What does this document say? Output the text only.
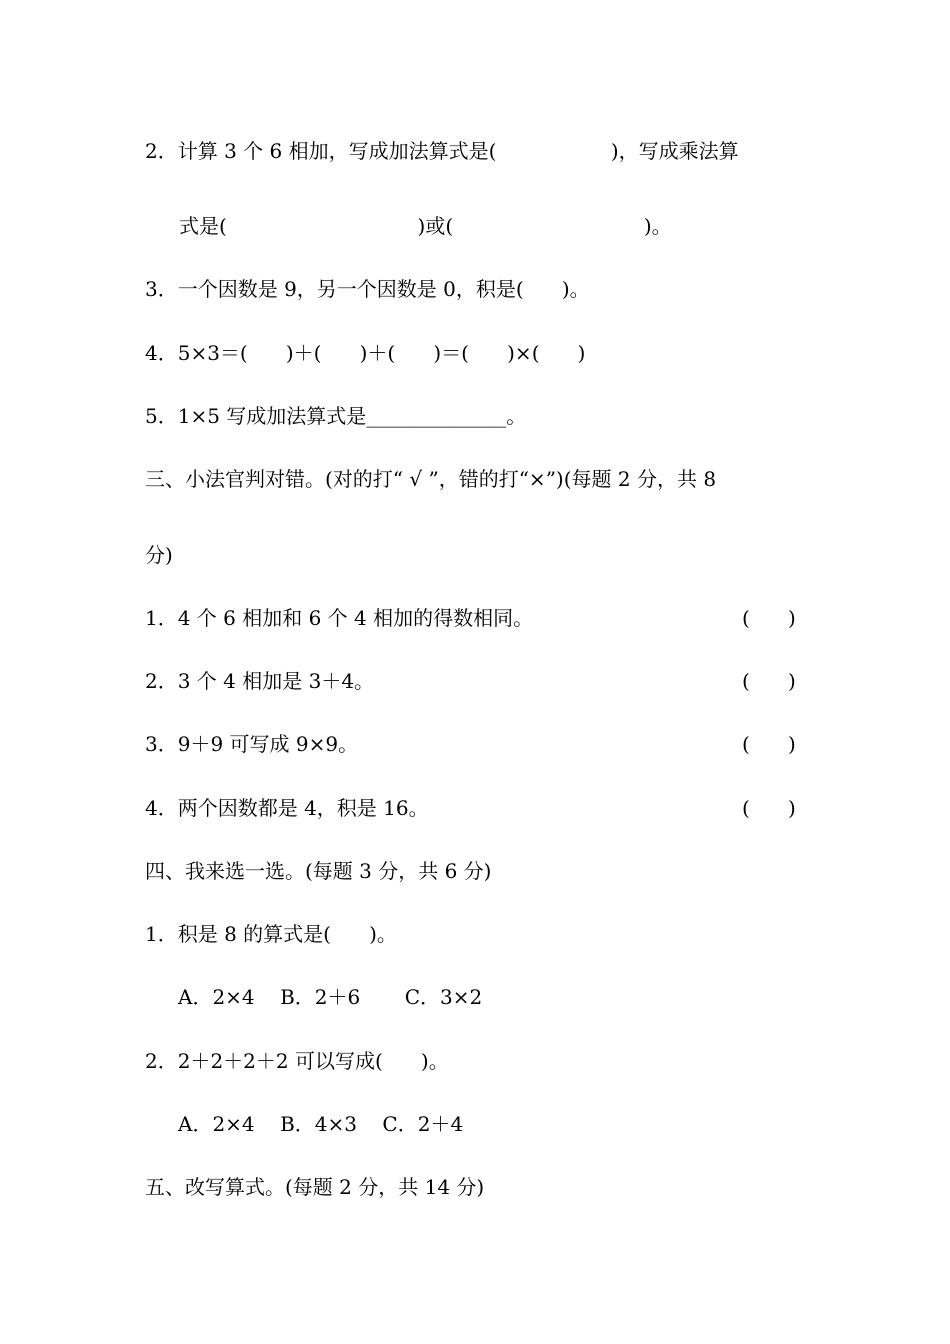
2．计算 3 个 6 相加，写成加法算式是(                  )，写成乘法算
式是(                              )或(                              )。
3．一个因数是 9，另一个因数是 0，积是(      )。
4．5×3＝(      )＋(      )＋(      )＝(      )×(      )
5．1×5 写成加法算式是______________。
三、小法官判对错。(对的打“ √ ”，错的打“×”)(每题 2 分，共 8
分)
1．4 个 6 相加和 6 个 4 相加的得数相同。	(      )
2．3 个 4 相加是 3＋4。	(      )
3．9＋9 可写成 9×9。	(      )
4．两个因数都是 4，积是 16。	(      )
四、我来选一选。(每题 3 分，共 6 分)
1．积是 8 的算式是(      )。
A．2×4    B．2＋6       C．3×2
2．2＋2＋2＋2 可以写成(      )。
A．2×4    B．4×3    C．2＋4
五、改写算式。(每题 2 分，共 14 分)
